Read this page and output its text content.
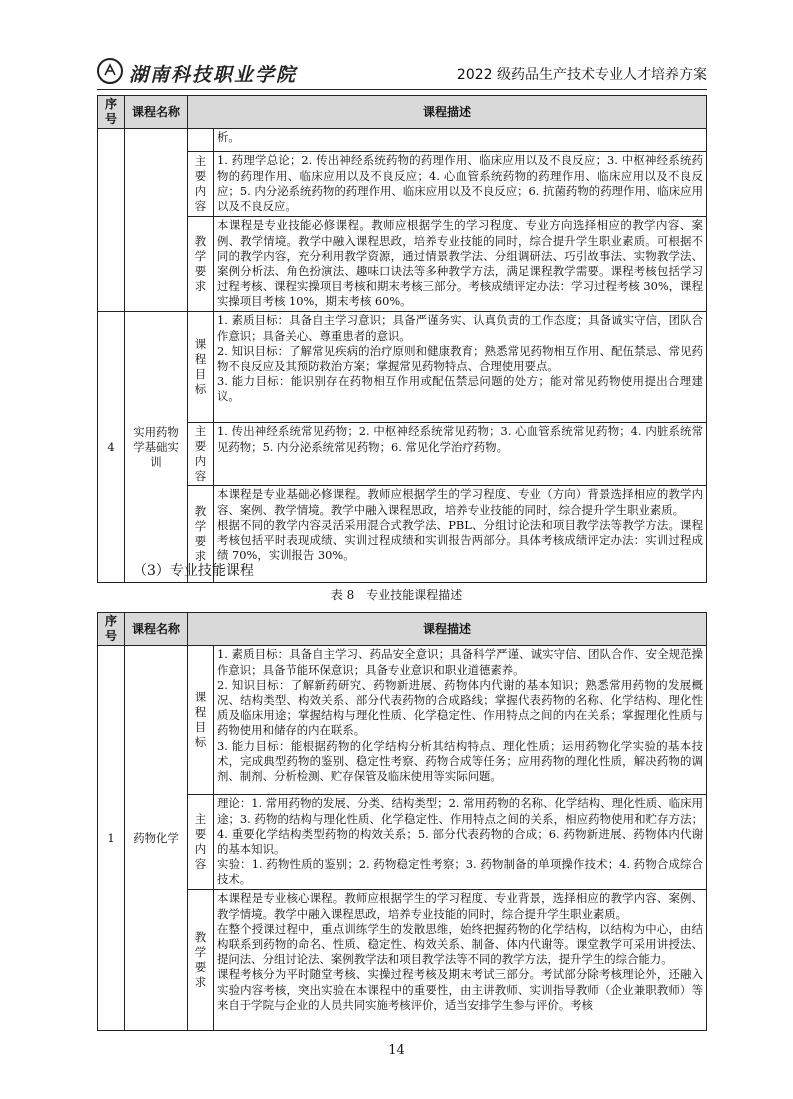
湖南科技职业学院	2022 级药品生产技术专业人才培养方案
序号	课程名称	课程描述	
			析。
		主要内容	1. 药理学总论；2. 传出神经系统药物的药理作用、临床应用以及不良反应；3. 中枢神经系统药物的药理作用、临床应用以及不良反应；4. 心血管系统药物的药理作用、临床应用以及不良反应；5. 内分泌系统药物的药理作用、临床应用以及不良反应；6. 抗菌药物的药理作用、临床应用以及不良反应。
		教学要求	本课程是专业技能必修课程。教师应根据学生的学习程度、专业方向选择相应的教学内容、案例、教学情境。教学中融入课程思政，培养专业技能的同时，综合提升学生职业素质。可根据不同的教学内容，充分利用教学资源，通过情景教学法、分组调研法、巧引故事法、实物教学法、案例分析法、角色扮演法、趣味口诀法等多种教学方法，满足课程教学需要。课程考核包括学习过程考核、课程实操项目考核和期末考核三部分。考核成绩评定办法：学习过程考核 30%，课程实操项目考核 10%，期末考核 60%。
4	实用药物学基础实训	课程目标	1. 素质目标：具备自主学习意识；具备严谨务实、认真负责的工作态度；具备诚实守信，团队合作意识；具备关心、尊重患者的意识。

2. 知识目标：了解常见疾病的治疗原则和健康教育；熟悉常见药物相互作用、配伍禁忌、常见药物不良反应及其预防救治方案；掌握常见药物特点、合理使用要点。

3. 能力目标：能识别存在药物相互作用或配伍禁忌问题的处方；能对常见药物使用提出合理建议。

		主要内容	1. 传出神经系统常见药物；2. 中枢神经系统常见药物；3. 心血管系统常见药物；4. 内脏系统常见药物；5. 内分泌系统常见药物；6. 常见化学治疗药物。
		教学要求	本课程是专业基础必修课程。教师应根据学生的学习程度、专业（方向）背景选择相应的教学内容、案例、教学情境。教学中融入课程思政，培养专业技能的同时，综合提升学生职业素质。

根据不同的教学内容灵活采用混合式教学法、PBL、分组讨论法和项目教学法等教学方法。课程考核包括平时表现成绩、实训过程成绩和实训报告两部分。具体考核成绩评定办法：实训过程成绩 70%，实训报告 30%。

（3）专业技能课程
表 8　专业技能课程描述
序号	课程名称	课程描述	
1	药物化学	课程目标	1. 素质目标：具备自主学习、药品安全意识；具备科学严谨、诚实守信、团队合作、安全规范操作意识；具备节能环保意识；具备专业意识和职业道德素养。

2. 知识目标：了解新药研究、药物新进展、药物体内代谢的基本知识；熟悉常用药物的发展概况、结构类型、构效关系、部分代表药物的合成路线；掌握代表药物的名称、化学结构、理化性质及临床用途；掌握结构与理化性质、化学稳定性、作用特点之间的内在关系；掌握理化性质与药物使用和储存的内在联系。

3. 能力目标：能根据药物的化学结构分析其结构特点、理化性质；运用药物化学实验的基本技术，完成典型药物的鉴别、稳定性考察、药物合成等任务；应用药物的理化性质，解决药物的调剂、制剂、分析检测、贮存保管及临床使用等实际问题。

		主要内容	理论：1. 常用药物的发展、分类、结构类型；2. 常用药物的名称、化学结构、理化性质、临床用途；3. 药物的结构与理化性质、化学稳定性、作用特点之间的关系，相应药物使用和贮存方法；4. 重要化学结构类型药物的构效关系；5. 部分代表药物的合成；6. 药物新进展、药物体内代谢的基本知识。

实验：1. 药物性质的鉴别；2. 药物稳定性考察；3. 药物制备的单项操作技术；4. 药物合成综合技术。

		教学要求	本课程是专业核心课程。教师应根据学生的学习程度、专业背景，选择相应的教学内容、案例、教学情境。教学中融入课程思政，培养专业技能的同时，综合提升学生职业素质。

在整个授课过程中，重点训练学生的发散思维，始终把握药物的化学结构，以结构为中心，由结构联系到药物的命名、性质、稳定性、构效关系、制备、体内代谢等。课堂教学可采用讲授法、提问法、分组讨论法、案例教学法和项目教学法等不同的教学方法，提升学生的综合能力。

课程考核分为平时随堂考核、实操过程考核及期末考试三部分。考试部分除考核理论外，还融入实验内容考核，突出实验在本课程中的重要性，由主讲教师、实训指导教师（企业兼职教师）等来自于学院与企业的人员共同实施考核评价，适当安排学生参与评价。考核

14
